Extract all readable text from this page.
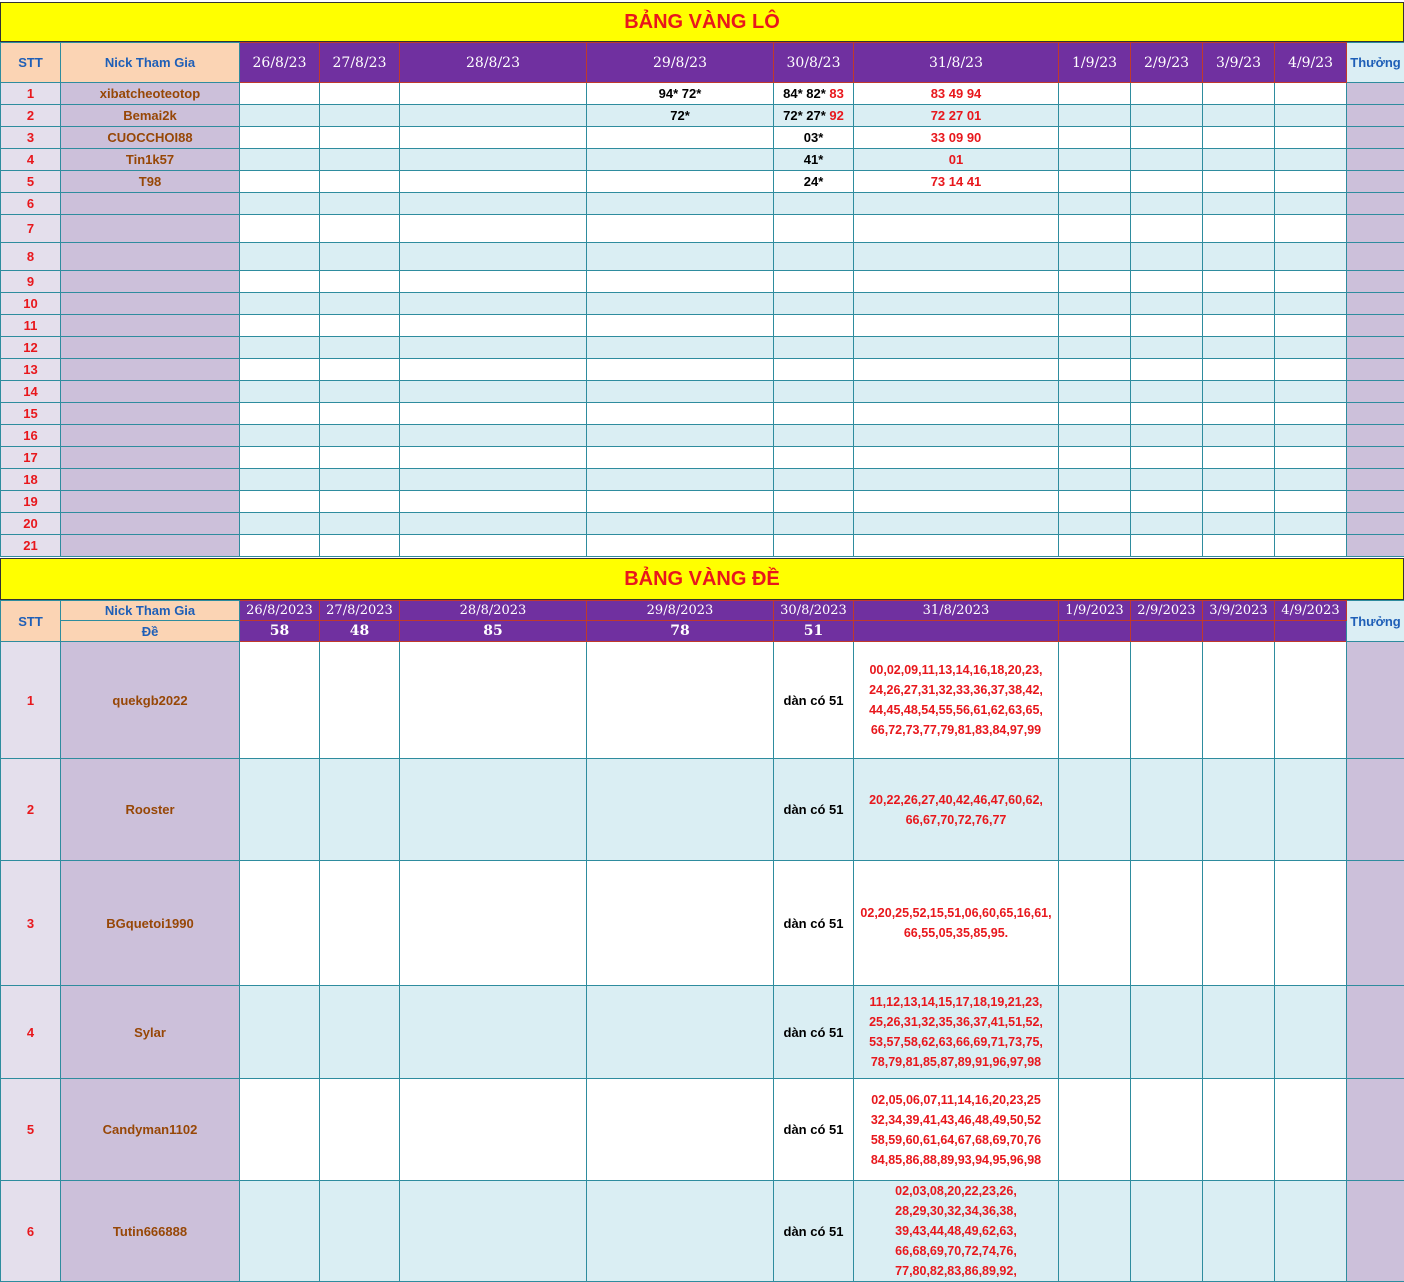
BẢNG VÀNG LÔ
STT	Nick Tham Gia	26/8/23	27/8/23	28/8/23	29/8/23	30/8/23	31/8/23	1/9/23	2/9/23	3/9/23	4/9/23	Thưởng
1	xibatcheoteotop				94* 72*	84* 82* 83	83 49 94					
2	Bemai2k				72*	72* 27* 92	72 27 01					
3	CUOCCHOI88					03*	33 09 90					
4	Tin1k57					41*	01					
5	T98					24*	73 14 41					
6												
7												
8												
9												
10												
11												
12												
13												
14												
15												
16												
17												
18												
19												
20												
21												
BẢNG VÀNG ĐỀ
STT	Nick Tham Gia	26/8/2023	27/8/2023	28/8/2023	29/8/2023	30/8/2023	31/8/2023	1/9/2023	2/9/2023	3/9/2023	4/9/2023	Thưởng
	Đề	58	48	85	78	51						
1	quekgb2022					dàn có 51	00,02,09,11,13,14,16,18,20,23,
24,26,27,31,32,33,36,37,38,42,
44,45,48,54,55,56,61,62,63,65,
66,72,73,77,79,81,83,84,97,99					

2	Rooster					dàn có 51	20,22,26,27,40,42,46,47,60,62,
66,67,70,72,76,77					

3	BGquetoi1990					dàn có 51	02,20,25,52,15,51,06,60,65,16,61,
66,55,05,35,85,95.					

4	Sylar					dàn có 51	11,12,13,14,15,17,18,19,21,23,
25,26,31,32,35,36,37,41,51,52,
53,57,58,62,63,66,69,71,73,75,
78,79,81,85,87,89,91,96,97,98					

5	Candyman1102					dàn có 51	02,05,06,07,11,14,16,20,23,25
32,34,39,41,43,46,48,49,50,52
58,59,60,61,64,67,68,69,70,76
84,85,86,88,89,93,94,95,96,98					

6	Tutin666888					dàn có 51	02,03,08,20,22,23,26,
28,29,30,32,34,36,38,
39,43,44,48,49,62,63,
66,68,69,70,72,74,76,
77,80,82,83,86,89,92,					
